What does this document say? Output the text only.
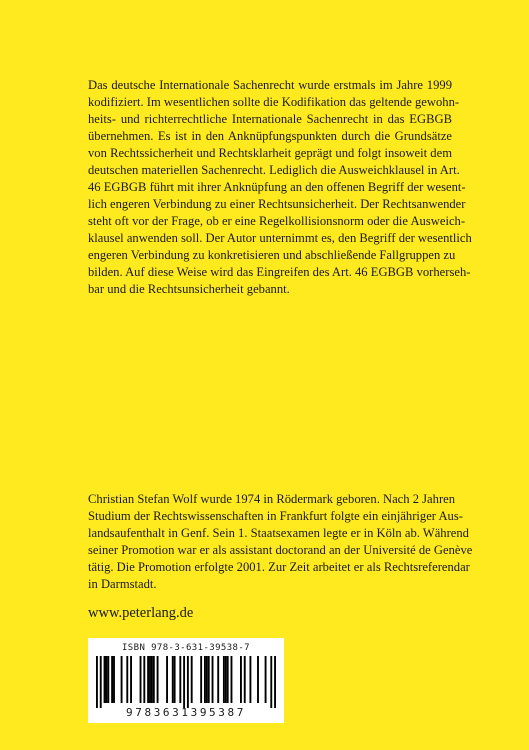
Das deutsche Internationale Sachenrecht wurde erstmals im Jahre 1999
kodifiziert. Im wesentlichen sollte die Kodifikation das geltende gewohn-
heits- und richterrechtliche Internationale Sachenrecht in das EGBGB
übernehmen. Es ist in den Anknüpfungspunkten durch die Grundsätze
von Rechtssicherheit und Rechtsklarheit geprägt und folgt insoweit dem
deutschen materiellen Sachenrecht. Lediglich die Ausweichklausel in Art.
46 EGBGB führt mit ihrer Anknüpfung an den offenen Begriff der wesent-
lich engeren Verbindung zu einer Rechtsunsicherheit. Der Rechtsanwender
steht oft vor der Frage, ob er eine Regelkollisionsnorm oder die Ausweich-
klausel anwenden soll. Der Autor unternimmt es, den Begriff der wesentlich
engeren Verbindung zu konkretisieren und abschließende Fallgruppen zu
bilden. Auf diese Weise wird das Eingreifen des Art. 46 EGBGB vorherseh-
bar und die Rechtsunsicherheit gebannt.

Christian Stefan Wolf wurde 1974 in Rödermark geboren. Nach 2 Jahren
Studium der Rechtswissenschaften in Frankfurt folgte ein einjähriger Aus-
landsaufenthalt in Genf. Sein 1. Staatsexamen legte er in Köln ab. Während
seiner Promotion war er als assistant doctorand an der Université de Genève
tätig. Die Promotion erfolgte 2001. Zur Zeit arbeitet er als Rechtsreferendar
in Darmstadt.

www.peterlang.de

ISBN 978-3-631-39538-7
9783631395387
